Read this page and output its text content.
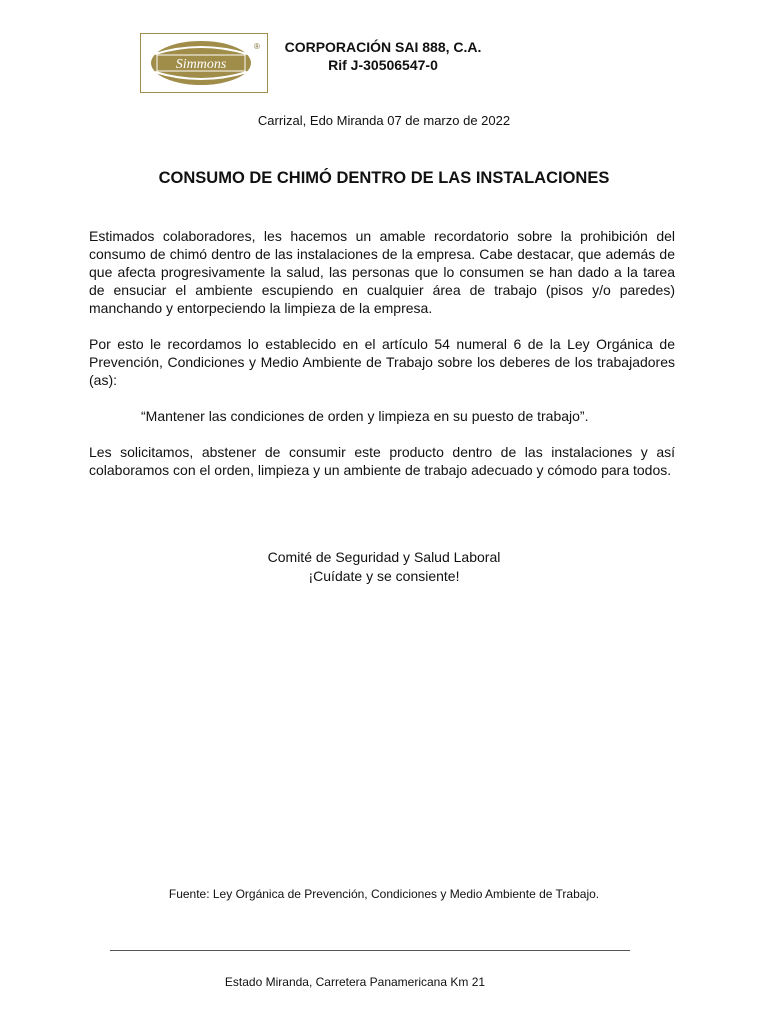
Simmons
®	CORPORACIÓN SAI 888, C.A.
Rif J-30506547-0
Carrizal, Edo Miranda 07 de marzo de 2022
CONSUMO DE CHIMÓ DENTRO DE LAS INSTALACIONES

Estimados colaboradores, les hacemos un amable recordatorio sobre la prohibición del consumo de chimó dentro de las instalaciones de la empresa. Cabe destacar, que además de que afecta progresivamente la salud, las personas que lo consumen se han dado a la tarea de ensuciar el ambiente escupiendo en cualquier área de trabajo (pisos y/o paredes) manchando y entorpeciendo la limpieza de la empresa.

Por esto le recordamos lo establecido en el artículo 54 numeral 6 de la Ley Orgánica de Prevención, Condiciones y Medio Ambiente de Trabajo sobre los deberes de los trabajadores (as):

“Mantener las condiciones de orden y limpieza en su puesto de trabajo”.

Les solicitamos, abstener de consumir este producto dentro de las instalaciones y así colaboramos con el orden, limpieza y un ambiente de trabajo adecuado y cómodo para todos.

Comité de Seguridad y Salud Laboral
¡Cuídate y se consiente!
Fuente: Ley Orgánica de Prevención, Condiciones y Medio Ambiente de Trabajo.
Estado Miranda, Carretera Panamericana Km 21
